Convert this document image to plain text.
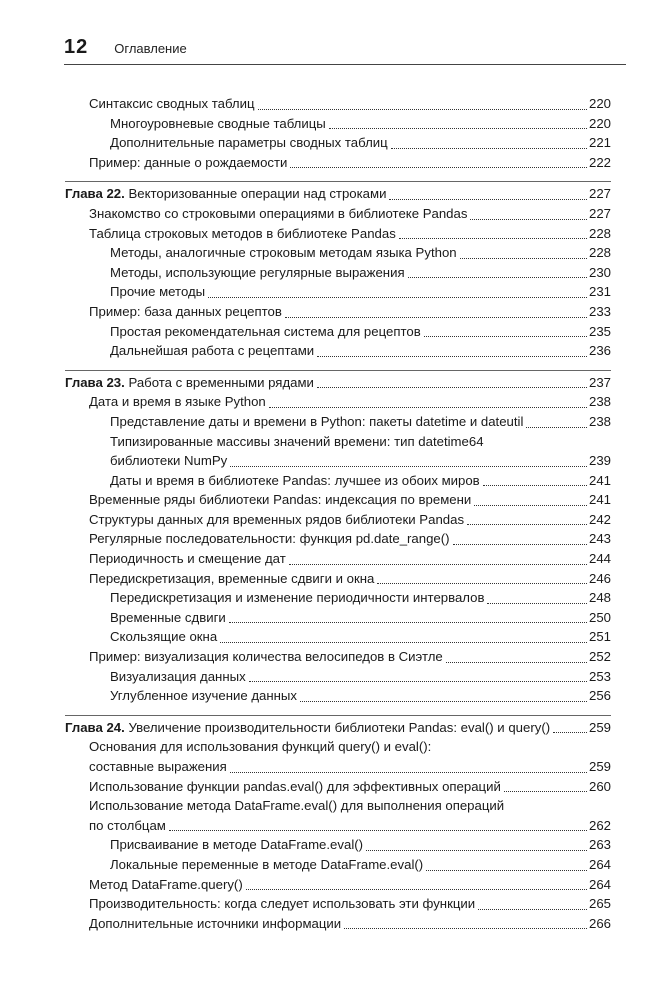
12 Оглавление
Синтаксис сводных таблиц	220
Многоуровневые сводные таблицы	220
Дополнительные параметры сводных таблиц	221
Пример: данные о рождаемости	222
Глава 22. Векторизованные операции над строками	227
Знакомство со строковыми операциями в библиотеке Pandas	227
Таблица строковых методов в библиотеке Pandas	228
Методы, аналогичные строковым методам языка Python	228
Методы, использующие регулярные выражения	230
Прочие методы	231
Пример: база данных рецептов	233
Простая рекомендательная система для рецептов	235
Дальнейшая работа с рецептами	236
Глава 23. Работа с временными рядами	237
Дата и время в языке Python	238
Представление даты и времени в Python: пакеты datetime и dateutil	238
Типизированные массивы значений времени: тип datetime64
библиотеки NumPy	239
Даты и время в библиотеке Pandas: лучшее из обоих миров	241
Временные ряды библиотеки Pandas: индексация по времени	241
Структуры данных для временных рядов библиотеки Pandas	242
Регулярные последовательности: функция pd.date_range()	243
Периодичность и смещение дат	244
Передискретизация, временные сдвиги и окна	246
Передискретизация и изменение периодичности интервалов	248
Временные сдвиги	250
Скользящие окна	251
Пример: визуализация количества велосипедов в Сиэтле	252
Визуализация данных	253
Углубленное изучение данных	256
Глава 24. Увеличение производительности библиотеки Pandas: eval() и query()	259
Основания для использования функций query() и eval():
составные выражения	259
Использование функции pandas.eval() для эффективных операций	260
Использование метода DataFrame.eval() для выполнения операций
по столбцам	262
Присваивание в методе DataFrame.eval()	263
Локальные переменные в методе DataFrame.eval()	264
Метод DataFrame.query()	264
Производительность: когда следует использовать эти функции	265
Дополнительные источники информации	266
